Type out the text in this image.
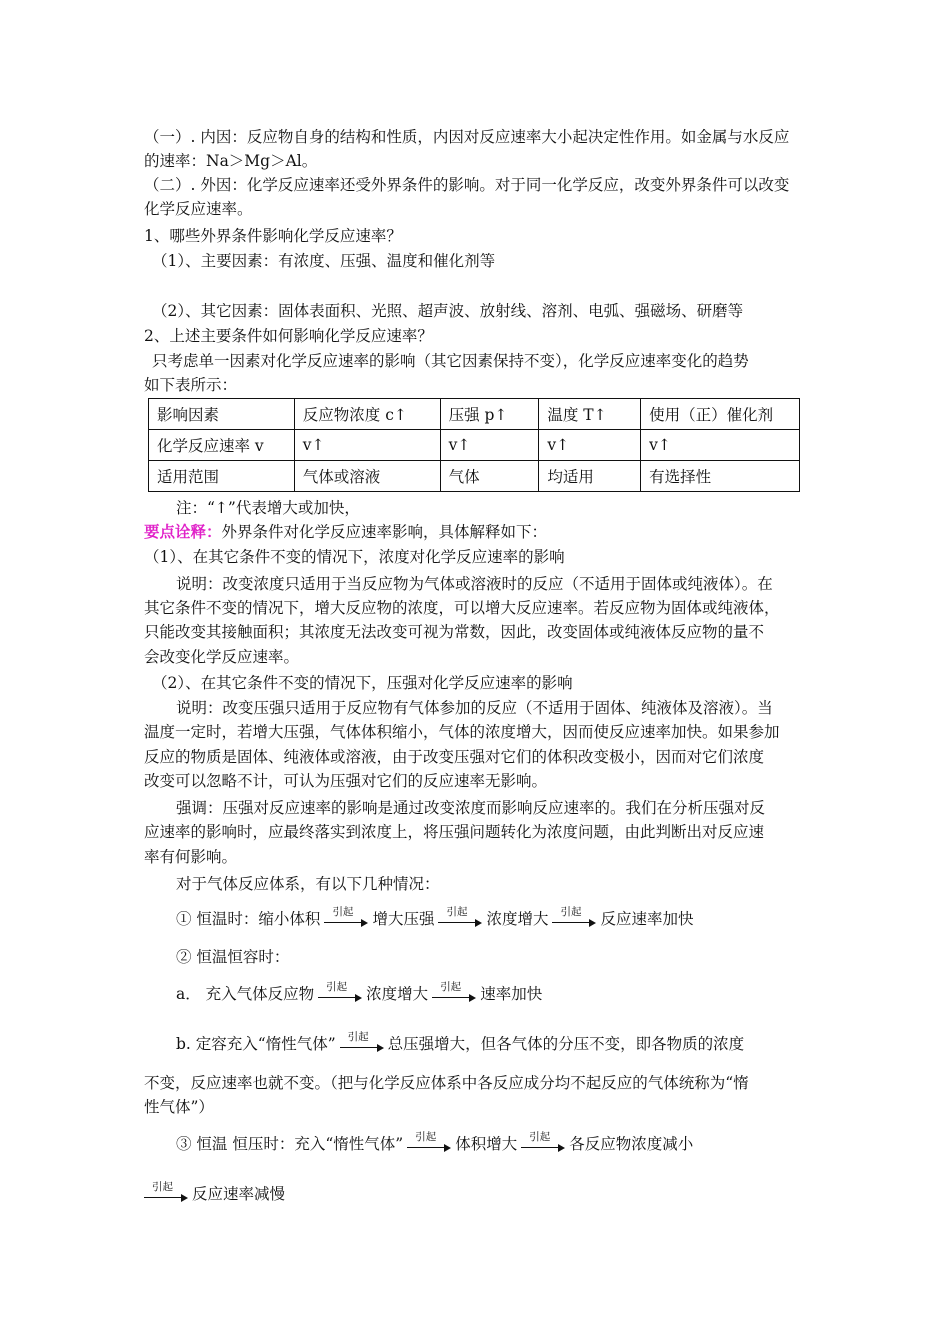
（一）. 内因：反应物自身的结构和性质，内因对反应速率大小起决定性作用。如金属与水反应
的速率：Na＞Mg＞Al。
（二）. 外因：化学反应速率还受外界条件的影响。对于同一化学反应，改变外界条件可以改变
化学反应速率。
1、哪些外界条件影响化学反应速率？
（1）、主要因素：有浓度、压强、温度和催化剂等
（2）、其它因素：固体表面积、光照、超声波、放射线、溶剂、电弧、强磁场、研磨等
2、上述主要条件如何影响化学反应速率？
只考虑单一因素对化学反应速率的影响（其它因素保持不变），化学反应速率变化的趋势
如下表所示：
影响因素	反应物浓度 c↑	压强 p↑	温度 T↑	使用（正）催化剂
化学反应速率 v	v↑	v↑	v↑	v↑
适用范围	气体或溶液	气体	均适用	有选择性
注：“↑”代表增大或加快，
要点诠释：外界条件对化学反应速率影响，具体解释如下：
（1）、在其它条件不变的情况下，浓度对化学反应速率的影响
说明：改变浓度只适用于当反应物为气体或溶液时的反应（不适用于固体或纯液体）。在
其它条件不变的情况下，增大反应物的浓度，可以增大反应速率。若反应物为固体或纯液体，
只能改变其接触面积；其浓度无法改变可视为常数，因此，改变固体或纯液体反应物的量不
会改变化学反应速率。
（2）、在其它条件不变的情况下，压强对化学反应速率的影响
说明：改变压强只适用于反应物有气体参加的反应（不适用于固体、纯液体及溶液）。当
温度一定时，若增大压强，气体体积缩小，气体的浓度增大，因而使反应速率加快。如果参加
反应的物质是固体、纯液体或溶液，由于改变压强对它们的体积改变极小，因而对它们浓度
改变可以忽略不计，可认为压强对它们的反应速率无影响。
强调：压强对反应速率的影响是通过改变浓度而影响反应速率的。我们在分析压强对反
应速率的影响时，应最终落实到浓度上，将压强问题转化为浓度问题，由此判断出对反应速
率有何影响。
对于气体反应体系，有以下几种情况：
① 恒温时：缩小体积 引起 增大压强 引起 浓度增大 引起 反应速率加快
② 恒温恒容时：
a． 充入气体反应物 引起 浓度增大 引起 速率加快
b. 定容充入“惰性气体” 引起 总压强增大，但各气体的分压不变，即各物质的浓度
不变，反应速率也就不变。（把与化学反应体系中各反应成分均不起反应的气体统称为“惰
性气体”）
③ 恒温 恒压时：充入“惰性气体” 引起 体积增大 引起 各反应物浓度减小
引起 反应速率减慢
